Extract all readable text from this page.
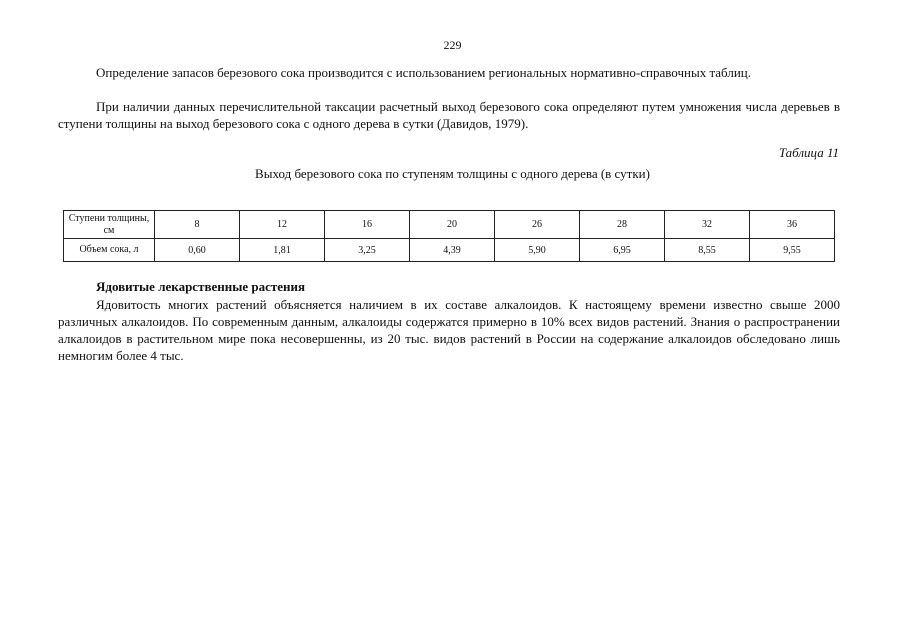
229

Определение запасов березового сока производится с использованием региональных нормативно-справочных таблиц.

При наличии данных перечислительной таксации расчетный выход березового сока определяют путем умножения числа деревьев в ступени толщины на выход березового сока с одного дерева в сутки (Давидов, 1979).

Таблица 11
Выход березового сока по ступеням толщины с одного дерева (в сутки)
Ступени толщины, см	8	12	16	20	26	28	32	36
Объем сока, л	0,60	1,81	3,25	4,39	5,90	6,95	8,55	9,55
Ядовитые лекарственные растения

Ядовитость многих растений объясняется наличием в их составе алкалоидов. К настоящему времени известно свыше 2000 различных алкалоидов. По современным данным, алкалоиды содержатся примерно в 10% всех видов растений. Знания о распространении алкалоидов в растительном мире пока несовершенны, из 20 тыс. видов растений в России на содержание алкалоидов обследовано лишь немногим более 4 тыс.
